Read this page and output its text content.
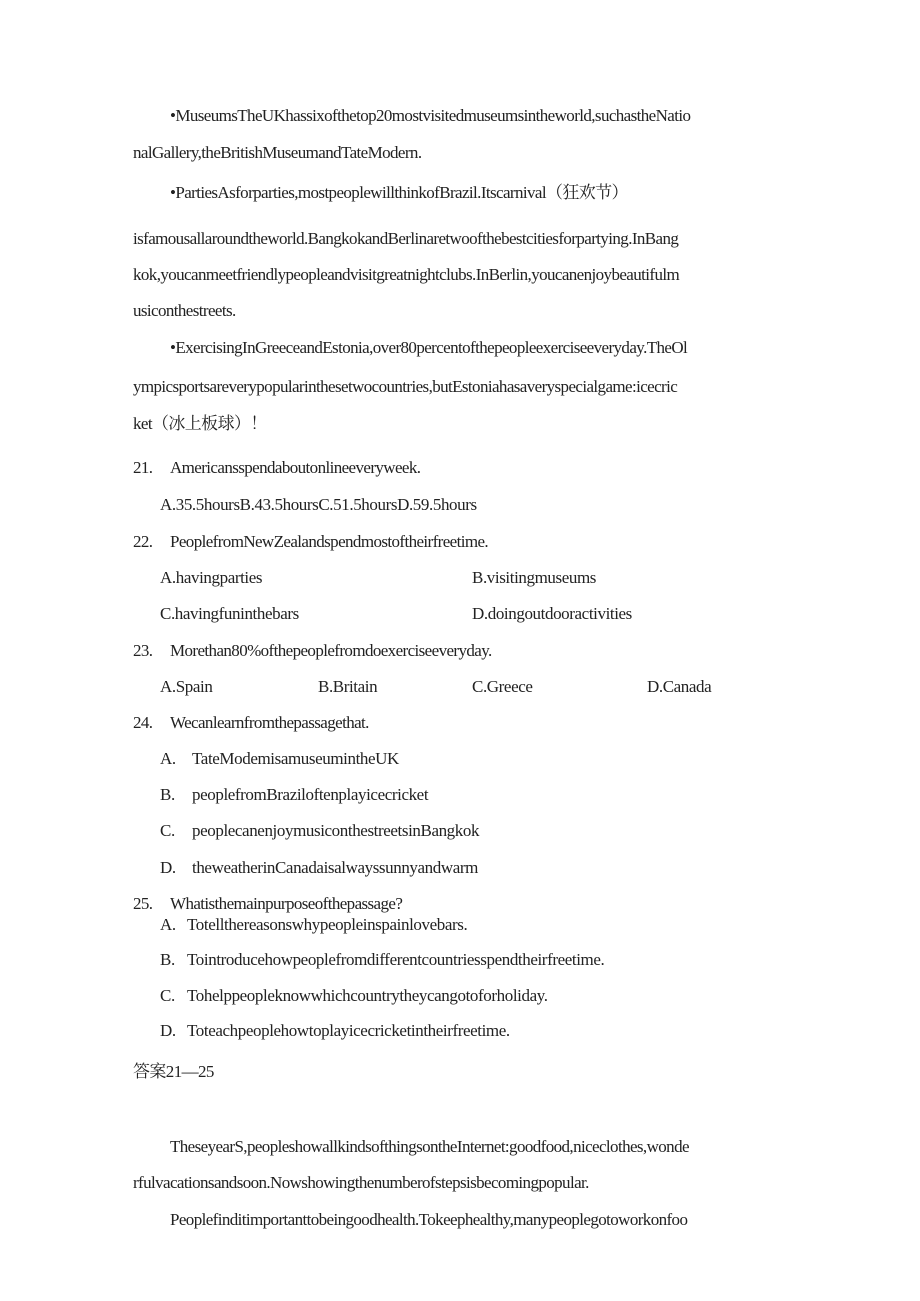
•MuseumsTheUKhassixofthetop20mostvisitedmuseumsintheworld,suchastheNatio
nalGallery,theBritishMuseumandTateModern.
•PartiesAsforparties,mostpeoplewillthinkofBrazil.Itscarnival（狂欢节）
isfamousallaroundtheworld.BangkokandBerlinaretwoofthebestcitiesforpartying.InBang
kok,youcanmeetfriendlypeopleandvisitgreatnightclubs.InBerlin,youcanenjoybeautifulm
usiconthestreets.
•ExercisingInGreeceandEstonia,over80percentofthepeopleexerciseeveryday.TheOl
ympicsportsareverypopularinthesetwocountries,butEstoniahasaveryspecialgame:icecric
ket（冰上板球）！
21. Americansspendaboutonlineeveryweek.
A.35.5hoursB.43.5hoursC.51.5hoursD.59.5hours
22. PeoplefromNewZealandspendmostoftheirfreetime.
A.havingparties	B.visitingmuseums
C.havingfuninthebars	D.doingoutdooractivities
23. Morethan80%ofthepeoplefromdoexerciseeveryday.
A.Spain	B.Britain	C.Greece	D.Canada
24. Wecanlearnfromthepassagethat.
A. TateModemisamuseumintheUK
B. peoplefromBraziloftenplayicecricket
C. peoplecanenjoymusiconthestreetsinBangkok
D. theweatherinCanadaisalwayssunnyandwarm
25. Whatisthemainpurposeofthepassage?
A. Totellthereasonswhypeopleinspainlovebars.
B. Tointroducehowpeoplefromdifferentcountriesspendtheirfreetime.
C. Tohelppeopleknowwhichcountrytheycangotoforholiday.
D. Toteachpeoplehowtoplayicecricketintheirfreetime.
答案21—25
TheseyearS,peopleshowallkindsofthingsontheInternet:goodfood,niceclothes,wonde
rfulvacationsandsoon.Nowshowingthenumberofstepsisbecomingpopular.
Peoplefinditimportanttobeingoodhealth.Tokeephealthy,manypeoplegotoworkonfoo
